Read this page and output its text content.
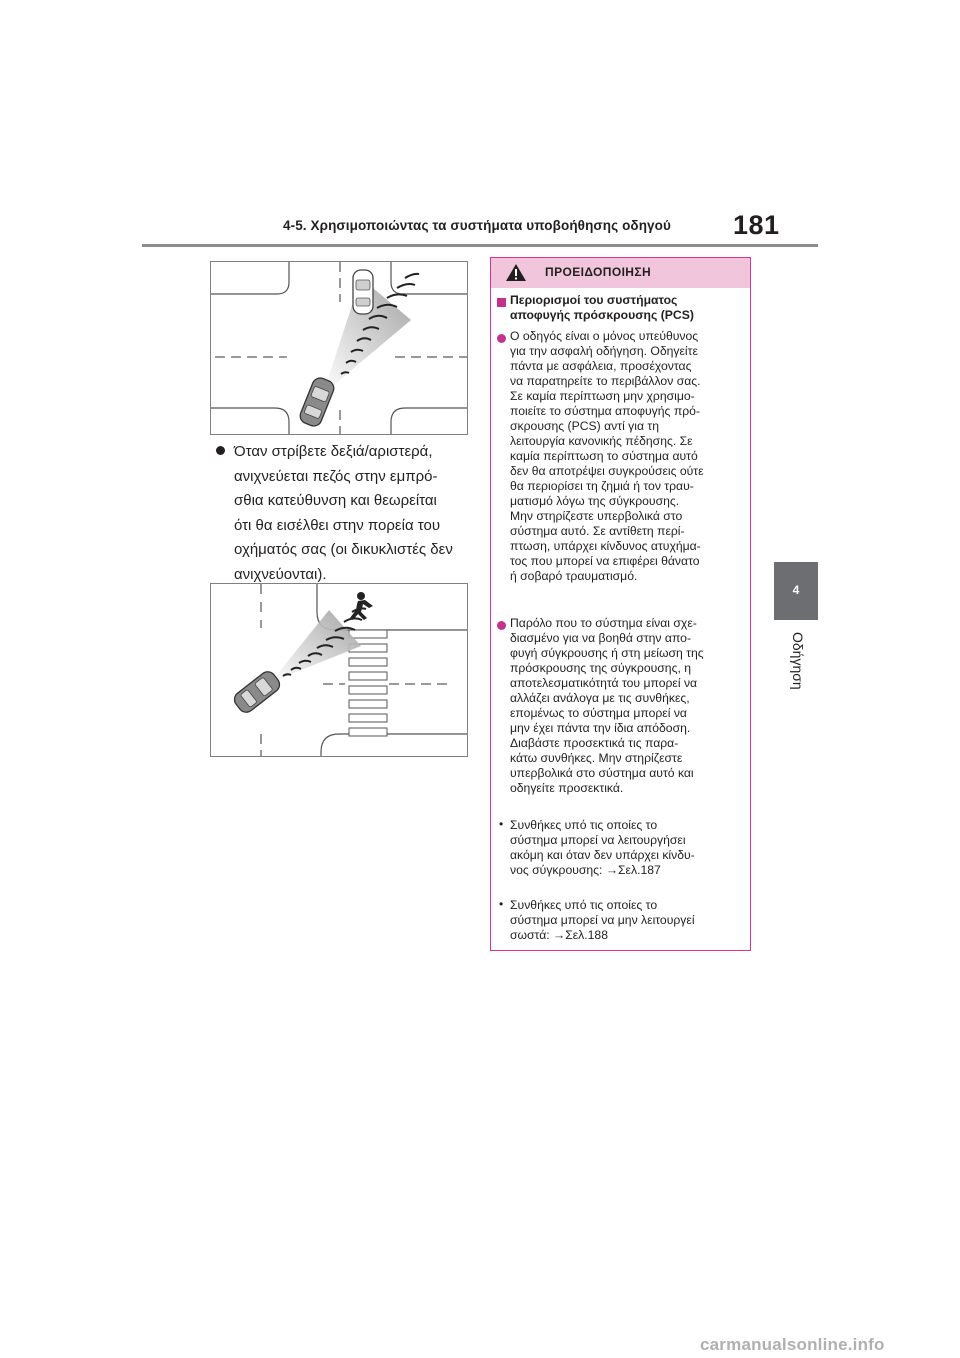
4-5. Χρησιμοποιώντας τα συστήματα υποβοήθησης οδηγού 181
4
Οδήγηση
Όταν στρίβετε δεξιά/αριστερά,
ανιχνεύεται πεζός στην εμπρό-
σθια κατεύθυνση και θεωρείται
ότι θα εισέλθει στην πορεία του
οχήματός σας (οι δικυκλιστές δεν
ανιχνεύονται).
ΠΡΟΕΙΔΟΠΟΙΗΣΗ
Περιορισμοί του συστήματος
αποφυγής πρόσκρουσης (PCS)
Ο οδηγός είναι ο μόνος υπεύθυνος
για την ασφαλή οδήγηση. Οδηγείτε
πάντα με ασφάλεια, προσέχοντας
να παρατηρείτε το περιβάλλον σας.
Σε καμία περίπτωση μην χρησιμο-
ποιείτε το σύστημα αποφυγής πρό-
σκρουσης (PCS) αντί για τη
λειτουργία κανονικής πέδησης. Σε
καμία περίπτωση το σύστημα αυτό
δεν θα αποτρέψει συγκρούσεις ούτε
θα περιορίσει τη ζημιά ή τον τραυ-
ματισμό λόγω της σύγκρουσης.
Μην στηρίζεστε υπερβολικά στο
σύστημα αυτό. Σε αντίθετη περί-
πτωση, υπάρχει κίνδυνος ατυχήμα-
τος που μπορεί να επιφέρει θάνατο
ή σοβαρό τραυματισμό.
Παρόλο που το σύστημα είναι σχε-
διασμένο για να βοηθά στην απο-
φυγή σύγκρουσης ή στη μείωση της
πρόσκρουσης της σύγκρουσης, η
αποτελεσματικότητά του μπορεί να
αλλάζει ανάλογα με τις συνθήκες,
επομένως το σύστημα μπορεί να
μην έχει πάντα την ίδια απόδοση.
Διαβάστε προσεκτικά τις παρα-
κάτω συνθήκες. Μην στηρίζεστε
υπερβολικά στο σύστημα αυτό και
οδηγείτε προσεκτικά.
• Συνθήκες υπό τις οποίες το
σύστημα μπορεί να λειτουργήσει
ακόμη και όταν δεν υπάρχει κίνδυ-
νος σύγκρουσης: →Σελ.187
• Συνθήκες υπό τις οποίες το
σύστημα μπορεί να μην λειτουργεί
σωστά: →Σελ.188
carmanualsonline.info
